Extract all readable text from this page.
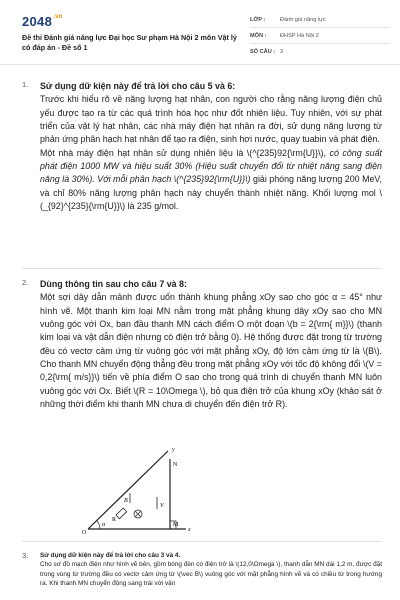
$2048^{.vn}$
Đề thi Đánh giá năng lực Đại học Sư phạm Hà Nội 2 môn Vật lý có đáp án - Đề số 1
LỚP :	Đánh giá năng lực
MÔN :	ĐHSP Hà Nội 2
SỐ CÂU : 3
1. Sử dụng dữ kiện này để trả lời cho câu 5 và 6:

Trước khi hiểu rõ về năng lượng hạt nhân, con người cho rằng năng lượng điện chủ yếu được tạo ra từ các quá trình hóa học như đốt nhiên liệu. Tuy nhiên, với sự phát triển của vật lý hạt nhân, các nhà máy điện hạt nhân ra đời, sử dụng năng lượng từ phản ứng phân hạch hạt nhân để tạo ra điện, sinh hơi nước, quay tuabin và phát điện.

Một nhà máy điện hạt nhân sử dụng nhiên liệu là \(^{235}92{\rm{U}}\), có công suất phát điện 1000 MW và hiệu suất 30% (Hiệu suất chuyển đổi từ nhiệt năng sang điện năng là 30%). Với mỗi phân hạch \(^{235}92{\rm{U}}\) giải phóng năng lượng 200 MeV, và chỉ 80% năng lượng phân hạch này chuyển thành nhiệt năng. Khối lượng mol \(_{92}^{235}{\rm{U}}\) là 235 g/mol.

2. Dùng thông tin sau cho câu 7 và 8:

Một sợi dây dẫn mảnh được uốn thành khung phẳng xOy sao cho góc α = 45° như hình vẽ. Một thanh kim loại MN nằm trong mặt phẳng khung dây xOy sao cho MN vuông góc với Ox, ban đầu thanh MN cách điểm O một đoạn \(b = 2{\rm{ m}}\) (thanh kim loại và vật dẫn điện nhưng có điện trở bằng 0). Hệ thống được đặt trong từ trường đều có vectơ cảm ứng từ vuông góc với mặt phẳng xOy, độ lớn cảm ứng từ là \(B\). Cho thanh MN chuyển động thẳng đều trong mặt phẳng xOy với tốc độ không đổi \(V = 0,2{\rm{ m/s}}\) tiến về phía điểm O sao cho trong quá trình di chuyển thanh MN luôn vuông góc với Ox. Biết \(R = 10\Omega \), bỏ qua điện trở của khung xOy (khảo sát ở những thời điểm khi thanh MN chưa di chuyển đến điện trở R).

y
N
B
R
V
M
x
O
α
3. Sử dụng dữ kiện này để trả lời cho câu 3 và 4.

Cho sơ đồ mạch điện như hình vẽ bên, gồm bóng đèn có điện trở là \(12,0\Omega \), thanh dẫn MN dài 1,2 m, được đặt trong vùng từ trường đều có vectơ cảm ứng từ \(\vec B\) vuông góc với mặt phẳng hình vẽ và có chiều từ trong hướng ra. Khi thanh MN chuyển động sang trái với vận
